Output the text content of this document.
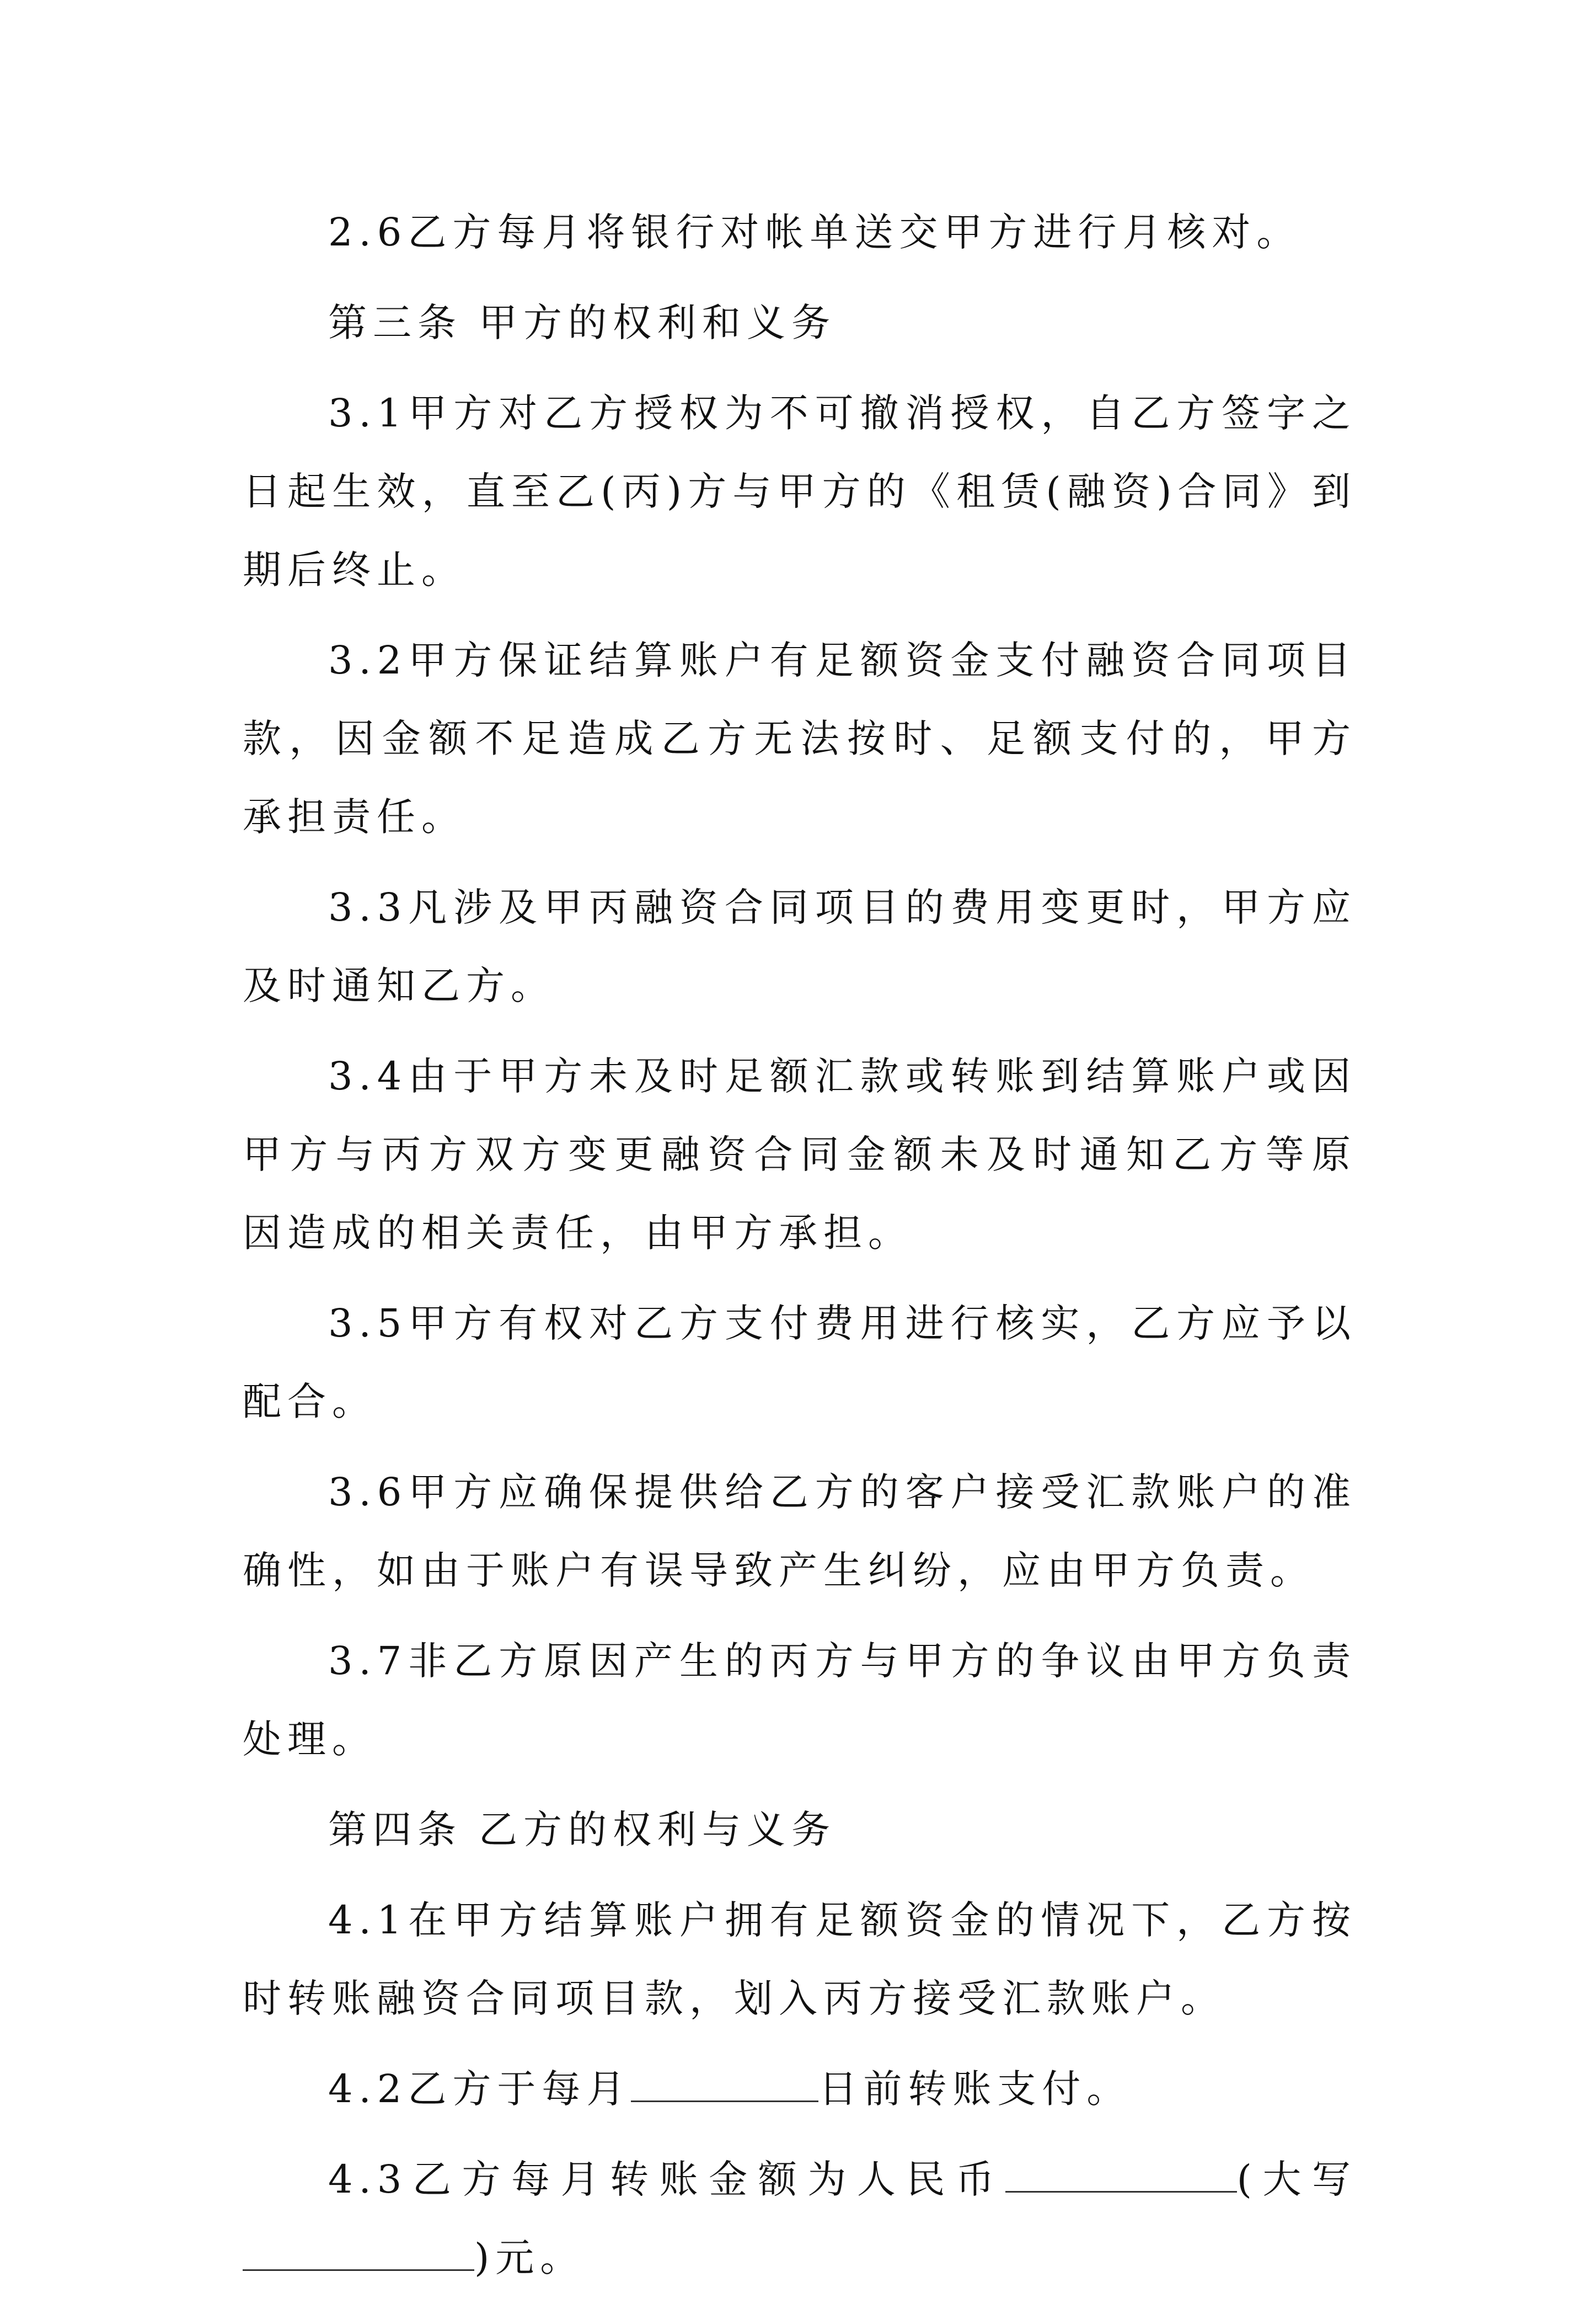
2.6乙方每月将银行对帐单送交甲方进行月核对。

第三条 甲方的权利和义务

3.1甲方对乙方授权为不可撤消授权，自乙方签字之日起生效，直至乙(丙)方与甲方的《租赁(融资)合同》到期后终止。

3.2甲方保证结算账户有足额资金支付融资合同项目款，因金额不足造成乙方无法按时、足额支付的，甲方承担责任。

3.3凡涉及甲丙融资合同项目的费用变更时，甲方应及时通知乙方。

3.4由于甲方未及时足额汇款或转账到结算账户或因甲方与丙方双方变更融资合同金额未及时通知乙方等原因造成的相关责任，由甲方承担。

3.5甲方有权对乙方支付费用进行核实，乙方应予以配合。

3.6甲方应确保提供给乙方的客户接受汇款账户的准确性，如由于账户有误导致产生纠纷，应由甲方负责。

3.7非乙方原因产生的丙方与甲方的争议由甲方负责处理。

第四条 乙方的权利与义务

4.1在甲方结算账户拥有足额资金的情况下，乙方按时转账融资合同项目款，划入丙方接受汇款账户。

4.2乙方于每月	日前转账支付。

4.3乙方每月转账金额为人民币	(大写)元。
